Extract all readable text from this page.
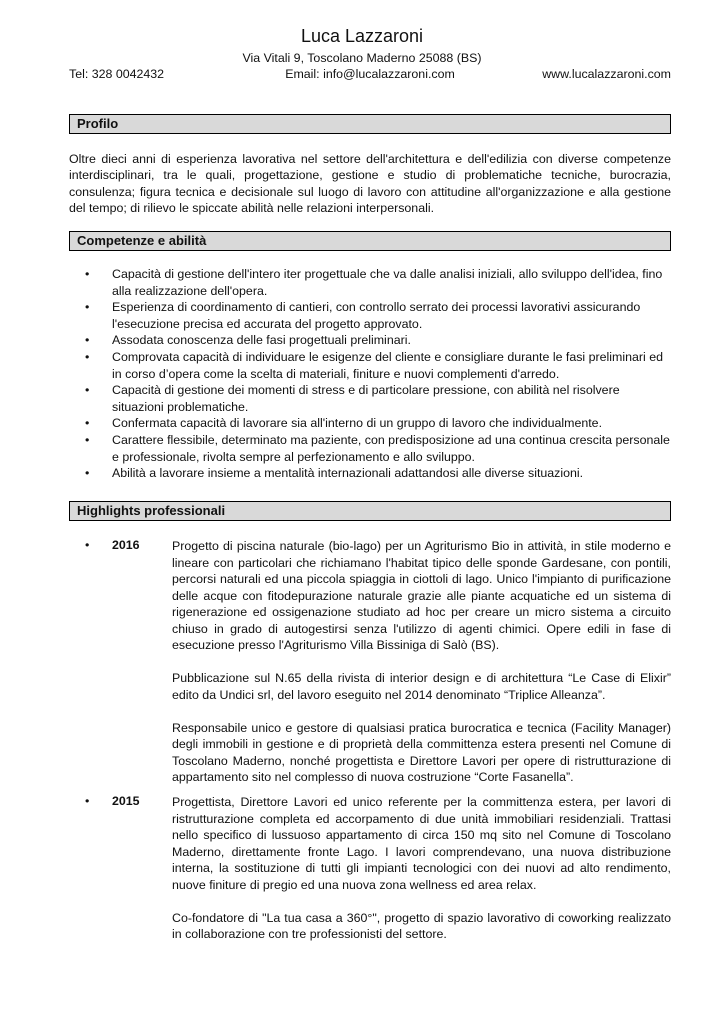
Luca Lazzaroni
Via Vitali 9, Toscolano Maderno 25088 (BS)
Email: info@lucalazzaroni.com
Tel: 328 0042432	www.lucalazzaroni.com
Profilo

Oltre dieci anni di esperienza lavorativa nel settore dell'architettura e dell'edilizia con diverse competenze interdisciplinari, tra le quali, progettazione, gestione e studio di problematiche tecniche, burocrazia, consulenza; figura tecnica e decisionale sul luogo di lavoro con attitudine all'organizzazione e alla gestione del tempo; di rilievo le spiccate abilità nelle relazioni interpersonali.

Competenze e abilità
• Capacità di gestione dell'intero iter progettuale che va dalle analisi iniziali, allo sviluppo dell'idea, fino alla realizzazione dell'opera.
• Esperienza di coordinamento di cantieri, con controllo serrato dei processi lavorativi assicurando l'esecuzione precisa ed accurata del progetto approvato.
• Assodata conoscenza delle fasi progettuali preliminari.
• Comprovata capacità di individuare le esigenze del cliente e consigliare durante le fasi preliminari ed in corso d’opera come la scelta di materiali, finiture e nuovi complementi d'arredo.
• Capacità di gestione dei momenti di stress e di particolare pressione, con abilità nel risolvere situazioni problematiche.
• Confermata capacità di lavorare sia all'interno di un gruppo di lavoro che individualmente.
• Carattere flessibile, determinato ma paziente, con predisposizione ad una continua crescita personale e professionale, rivolta sempre al perfezionamento e allo sviluppo.
• Abilità a lavorare insieme a mentalità internazionali adattandosi alle diverse situazioni.
Highlights professionali
• 2016	Progetto di piscina naturale (bio-lago) per un Agriturismo Bio in attività, in stile moderno e lineare con particolari che richiamano l'habitat tipico delle sponde Gardesane, con pontili, percorsi naturali ed una piccola spiaggia in ciottoli di lago. Unico l'impianto di purificazione delle acque con fitodepurazione naturale grazie alle piante acquatiche ed un sistema di rigenerazione ed ossigenazione studiato ad hoc per creare un micro sistema a circuito chiuso in grado di autogestirsi senza l'utilizzo di agenti chimici. Opere edili in fase di esecuzione presso l'Agriturismo Villa Bissiniga di Salò (BS).

Pubblicazione sul N.65 della rivista di interior design e di architettura “Le Case di Elixir” edito da Undici srl, del lavoro eseguito nel 2014 denominato “Triplice Alleanza”.

Responsabile unico e gestore di qualsiasi pratica burocratica e tecnica (Facility Manager) degli immobili in gestione e di proprietà della committenza estera presenti nel Comune di Toscolano Maderno, nonché progettista e Direttore Lavori per opere di ristrutturazione di appartamento sito nel complesso di nuova costruzione “Corte Fasanella”.

• 2015	Progettista, Direttore Lavori ed unico referente per la committenza estera, per lavori di ristrutturazione completa ed accorpamento di due unità immobiliari residenziali. Trattasi nello specifico di lussuoso appartamento di circa 150 mq sito nel Comune di Toscolano Maderno, direttamente fronte Lago. I lavori comprendevano, una nuova distribuzione interna, la sostituzione di tutti gli impianti tecnologici con dei nuovi ad alto rendimento, nuove finiture di pregio ed una nuova zona wellness ed area relax.

Co-fondatore di "La tua casa a 360°", progetto di spazio lavorativo di coworking realizzato in collaborazione con tre professionisti del settore.
